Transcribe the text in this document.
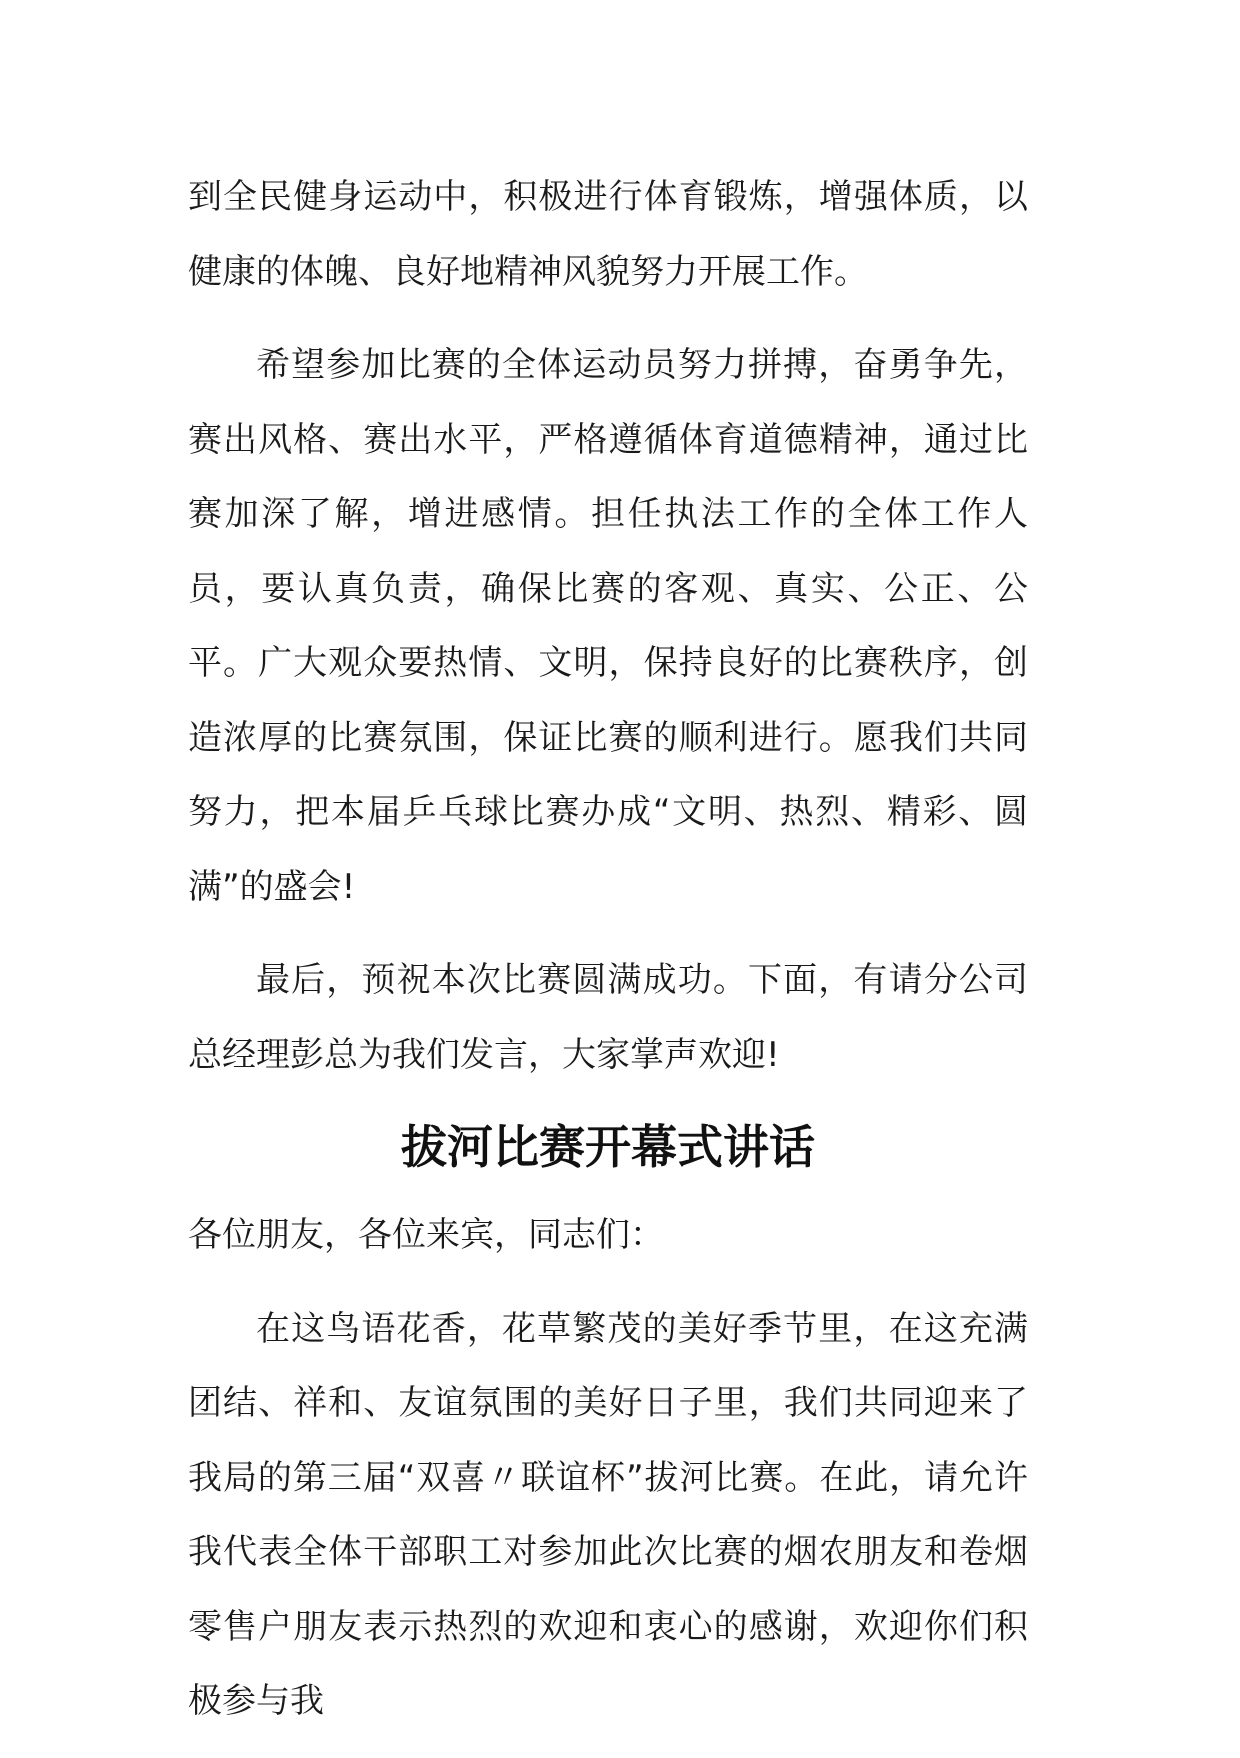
到全民健身运动中，积极进行体育锻炼，增强体质，以健康的体魄、良好地精神风貌努力开展工作。

希望参加比赛的全体运动员努力拼搏，奋勇争先，赛出风格、赛出水平，严格遵循体育道德精神，通过比赛加深了解，增进感情。担任执法工作的全体工作人员，要认真负责，确保比赛的客观、真实、公正、公平。广大观众要热情、文明，保持良好的比赛秩序，创造浓厚的比赛氛围，保证比赛的顺利进行。愿我们共同努力，把本届乒乓球比赛办成“文明、热烈、精彩、圆满”的盛会!

最后，预祝本次比赛圆满成功。下面，有请分公司总经理彭总为我们发言，大家掌声欢迎!

拔河比赛开幕式讲话

各位朋友，各位来宾，同志们：

在这鸟语花香，花草繁茂的美好季节里，在这充满团结、祥和、友谊氛围的美好日子里，我们共同迎来了我局的第三届“双喜〃联谊杯”拔河比赛。在此，请允许我代表全体干部职工对参加此次比赛的烟农朋友和卷烟零售户朋友表示热烈的欢迎和衷心的感谢，欢迎你们积极参与我
